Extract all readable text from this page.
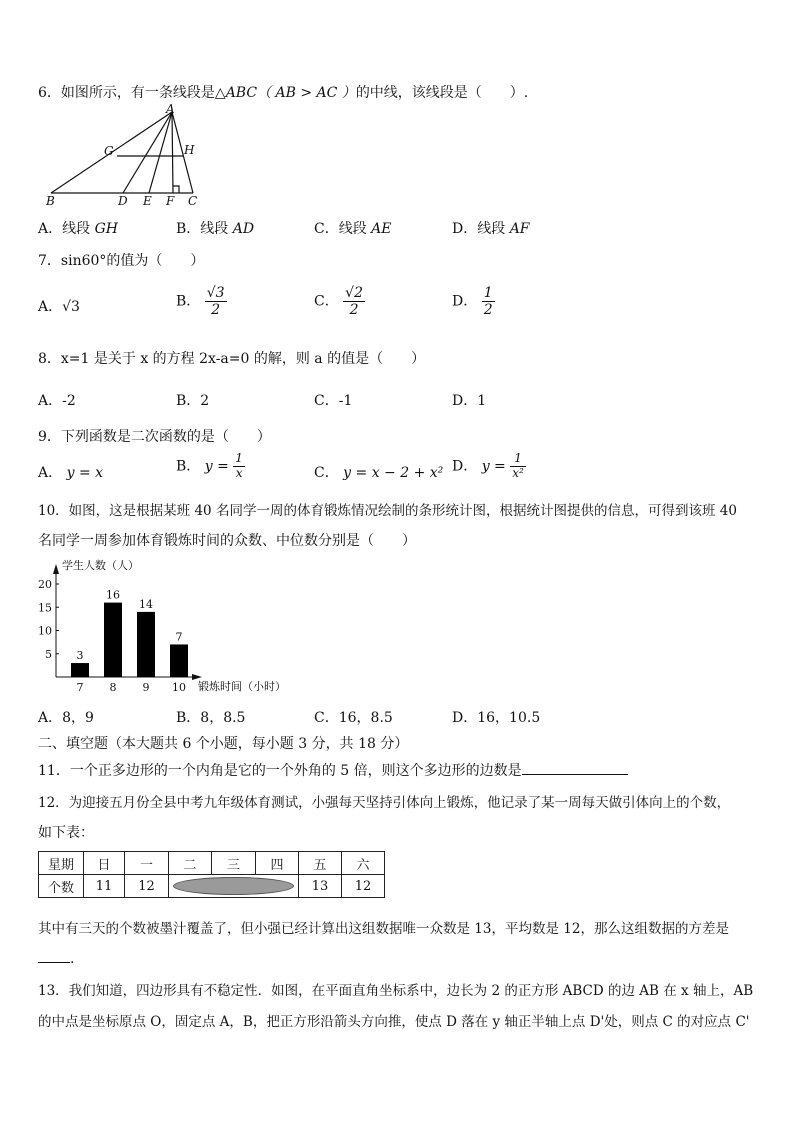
6．如图所示，有一条线段是△ABC（ AB > AC ）的中线，该线段是（　　）.
A
G	H
B	D E F C
A．线段 GH	B．线段 AD	C．线段 AE	D．线段 AF
7．sin60°的值为（　　）
A．√3	B． $\frac{√3}{2}$	C． $\frac{√2}{2}$	D． $\frac{1}{2}$
8．x=1 是关于 x 的方程 2x-a=0 的解，则 a 的值是（　　）
A．-2	B．2	C．-1	D．1
9．下列函数是二次函数的是（　　）
A． y = x	B． $y = \frac{1}{x}$	C． y = x − 2 + x² D． $y = \frac{1}{\text{x²}}$
10．如图，这是根据某班 40 名同学一周的体育锻炼情况绘制的条形统计图，根据统计图提供的信息，可得到该班 40
名同学一周参加体育锻炼时间的众数、中位数分别是（　　）
学生人数（人）
锻炼时间（小时）
5
10
15
20
3
7
16
8
14
9
7
10
A．8，9	B．8，8.5	C．16，8.5	D．16，10.5
二、填空题（本大题共 6 个小题，每小题 3 分，共 18 分）
11．一个正多边形的一个内角是它的一个外角的 5 倍，则这个多边形的边数是
12．为迎接五月份全县中考九年级体育测试，小强每天坚持引体向上锻炼，他记录了某一周每天做引体向上的个数，
如下表：
星期	日	一	二	三	四	五	六
个数	11	12				13	12
其中有三天的个数被墨汁覆盖了，但小强已经计算出这组数据唯一众数是 13，平均数是 12，那么这组数据的方差是
.
13．我们知道，四边形具有不稳定性．如图，在平面直角坐标系中，边长为 2 的正方形 ABCD 的边 AB 在 x 轴上，AB
的中点是坐标原点 O，固定点 A，B，把正方形沿箭头方向推，使点 D 落在 y 轴正半轴上点 D'处，则点 C 的对应点 C'
